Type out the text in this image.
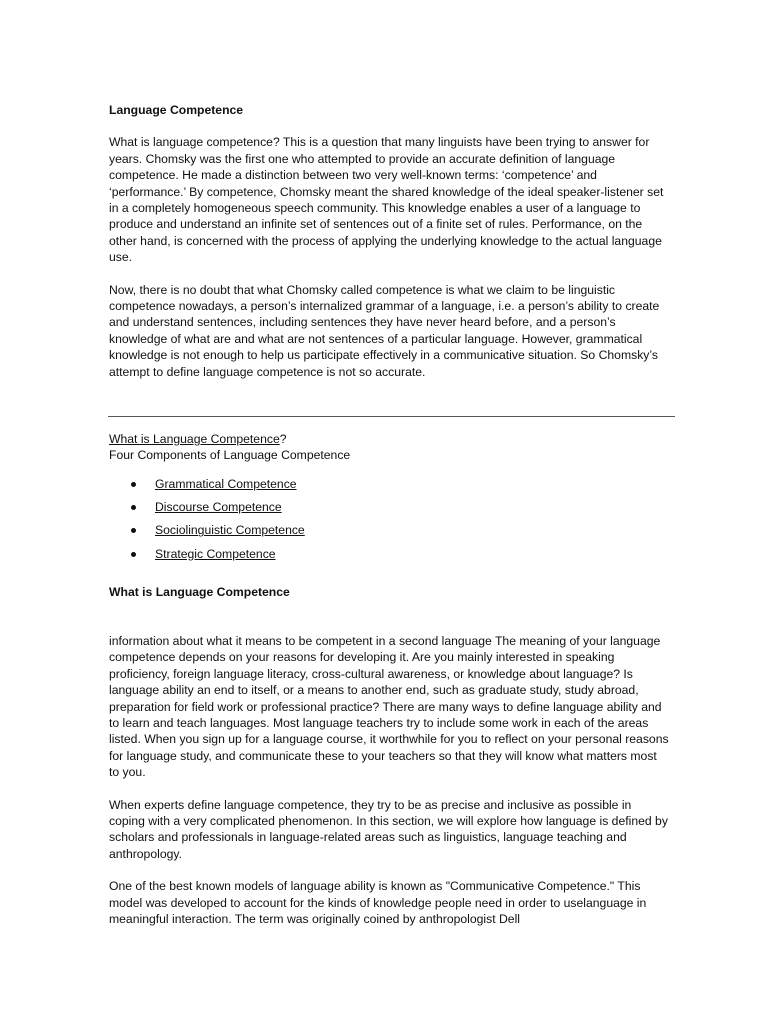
Language Competence
What is language competence? This is a question that many linguists have been trying to answer for years. Chomsky was the first one who attempted to provide an accurate definition of language competence. He made a distinction between two very well-known terms: ‘competence’ and ‘performance.’ By competence, Chomsky meant the shared knowledge of the ideal speaker-listener set in a completely homogeneous speech community. This knowledge enables a user of a language to produce and understand an infinite set of sentences out of a finite set of rules. Performance, on the other hand, is concerned with the process of applying the underlying knowledge to the actual language use.
Now, there is no doubt that what Chomsky called competence is what we claim to be linguistic competence nowadays, a person’s internalized grammar of a language, i.e. a person’s ability to create and understand sentences, including sentences they have never heard before, and a person’s knowledge of what are and what are not sentences of a particular language. However, grammatical knowledge is not enough to help us participate effectively in a communicative situation. So Chomsky’s attempt to define language competence is not so accurate.
What is Language Competence?
Four Components of Language Competence
Grammatical Competence
Discourse Competence
Sociolinguistic Competence
Strategic Competence
What is Language Competence
information about what it means to be competent in a second language The meaning of your language competence depends on your reasons for developing it. Are you mainly interested in speaking proficiency, foreign language literacy, cross-cultural awareness, or knowledge about language? Is language ability an end to itself, or a means to another end, such as graduate study, study abroad, preparation for field work or professional practice? There are many ways to define language ability and to learn and teach languages. Most language teachers try to include some work in each of the areas listed. When you sign up for a language course, it worthwhile for you to reflect on your personal reasons for language study, and communicate these to your teachers so that they will know what matters most to you.
When experts define language competence, they try to be as precise and inclusive as possible in coping with a very complicated phenomenon. In this section, we will explore how language is defined by scholars and professionals in language-related areas such as linguistics, language teaching and anthropology.
One of the best known models of language ability is known as "Communicative Competence." This model was developed to account for the kinds of knowledge people need in order to uselanguage in meaningful interaction. The term was originally coined by anthropologist Dell
